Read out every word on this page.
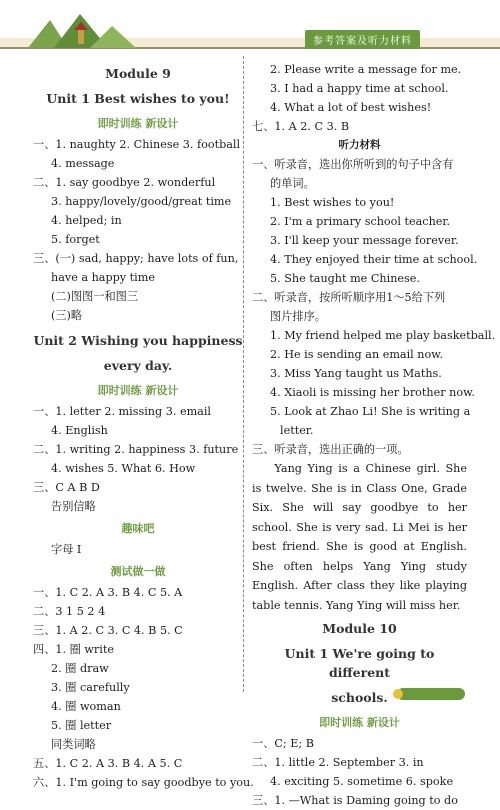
参考答案及听力材料
Module 9
Unit 1 Best wishes to you!
即时训练 新设计
一、1. naughty 2. Chinese 3. football
4. message
二、1. say goodbye 2. wonderful
3. happy/lovely/good/great time
4. helped; in
5. forget
三、(一) sad, happy; have lots of fun,
have a happy time
(二)图图一和图三
(三)略
Unit 2 Wishing you happiness
every day.
即时训练 新设计
一、1. letter 2. missing 3. email
4. English
二、1. writing 2. happiness 3. future
4. wishes 5. What 6. How
三、C A B D
告别信略
趣味吧
字母 I
测试做一做
一、1. C 2. A 3. B 4. C 5. A
二、3 1 5 2 4
三、1. A 2. C 3. C 4. B 5. C
四、1. 圈 write
2. 圈 draw
3. 圈 carefully
4. 圈 woman
5. 圈 letter
同类词略
五、1. C 2. A 3. B 4. A 5. C
六、1. I'm going to say goodbye to you.
2. Please write a message for me.
3. I had a happy time at school.
4. What a lot of best wishes!
七、1. A 2. C 3. B
听力材料
一、听录音，选出你所听到的句子中含有
的单词。
1. Best wishes to you!
2. I'm a primary school teacher.
3. I'll keep your message forever.
4. They enjoyed their time at school.
5. She taught me Chinese.
二、听录音，按所听顺序用1～5给下列
图片排序。
1. My friend helped me play basketball.
2. He is sending an email now.
3. Miss Yang taught us Maths.
4. Xiaoli is missing her brother now.
5. Look at Zhao Li! She is writing a
letter.
三、听录音，选出正确的一项。
Yang Ying is a Chinese girl. She is twelve. She is in Class One, Grade Six. She will say goodbye to her school. She is very sad. Li Mei is her best friend. She is good at English. She often helps Yang Ying study English. After class they like playing table tennis. Yang Ying will miss her.
Module 10
Unit 1 We're going to different
schools.
即时训练 新设计
一、C; E; B
二、1. little 2. September 3. in
4. exciting 5. sometime 6. spoke
三、1. —What is Daming going to do
